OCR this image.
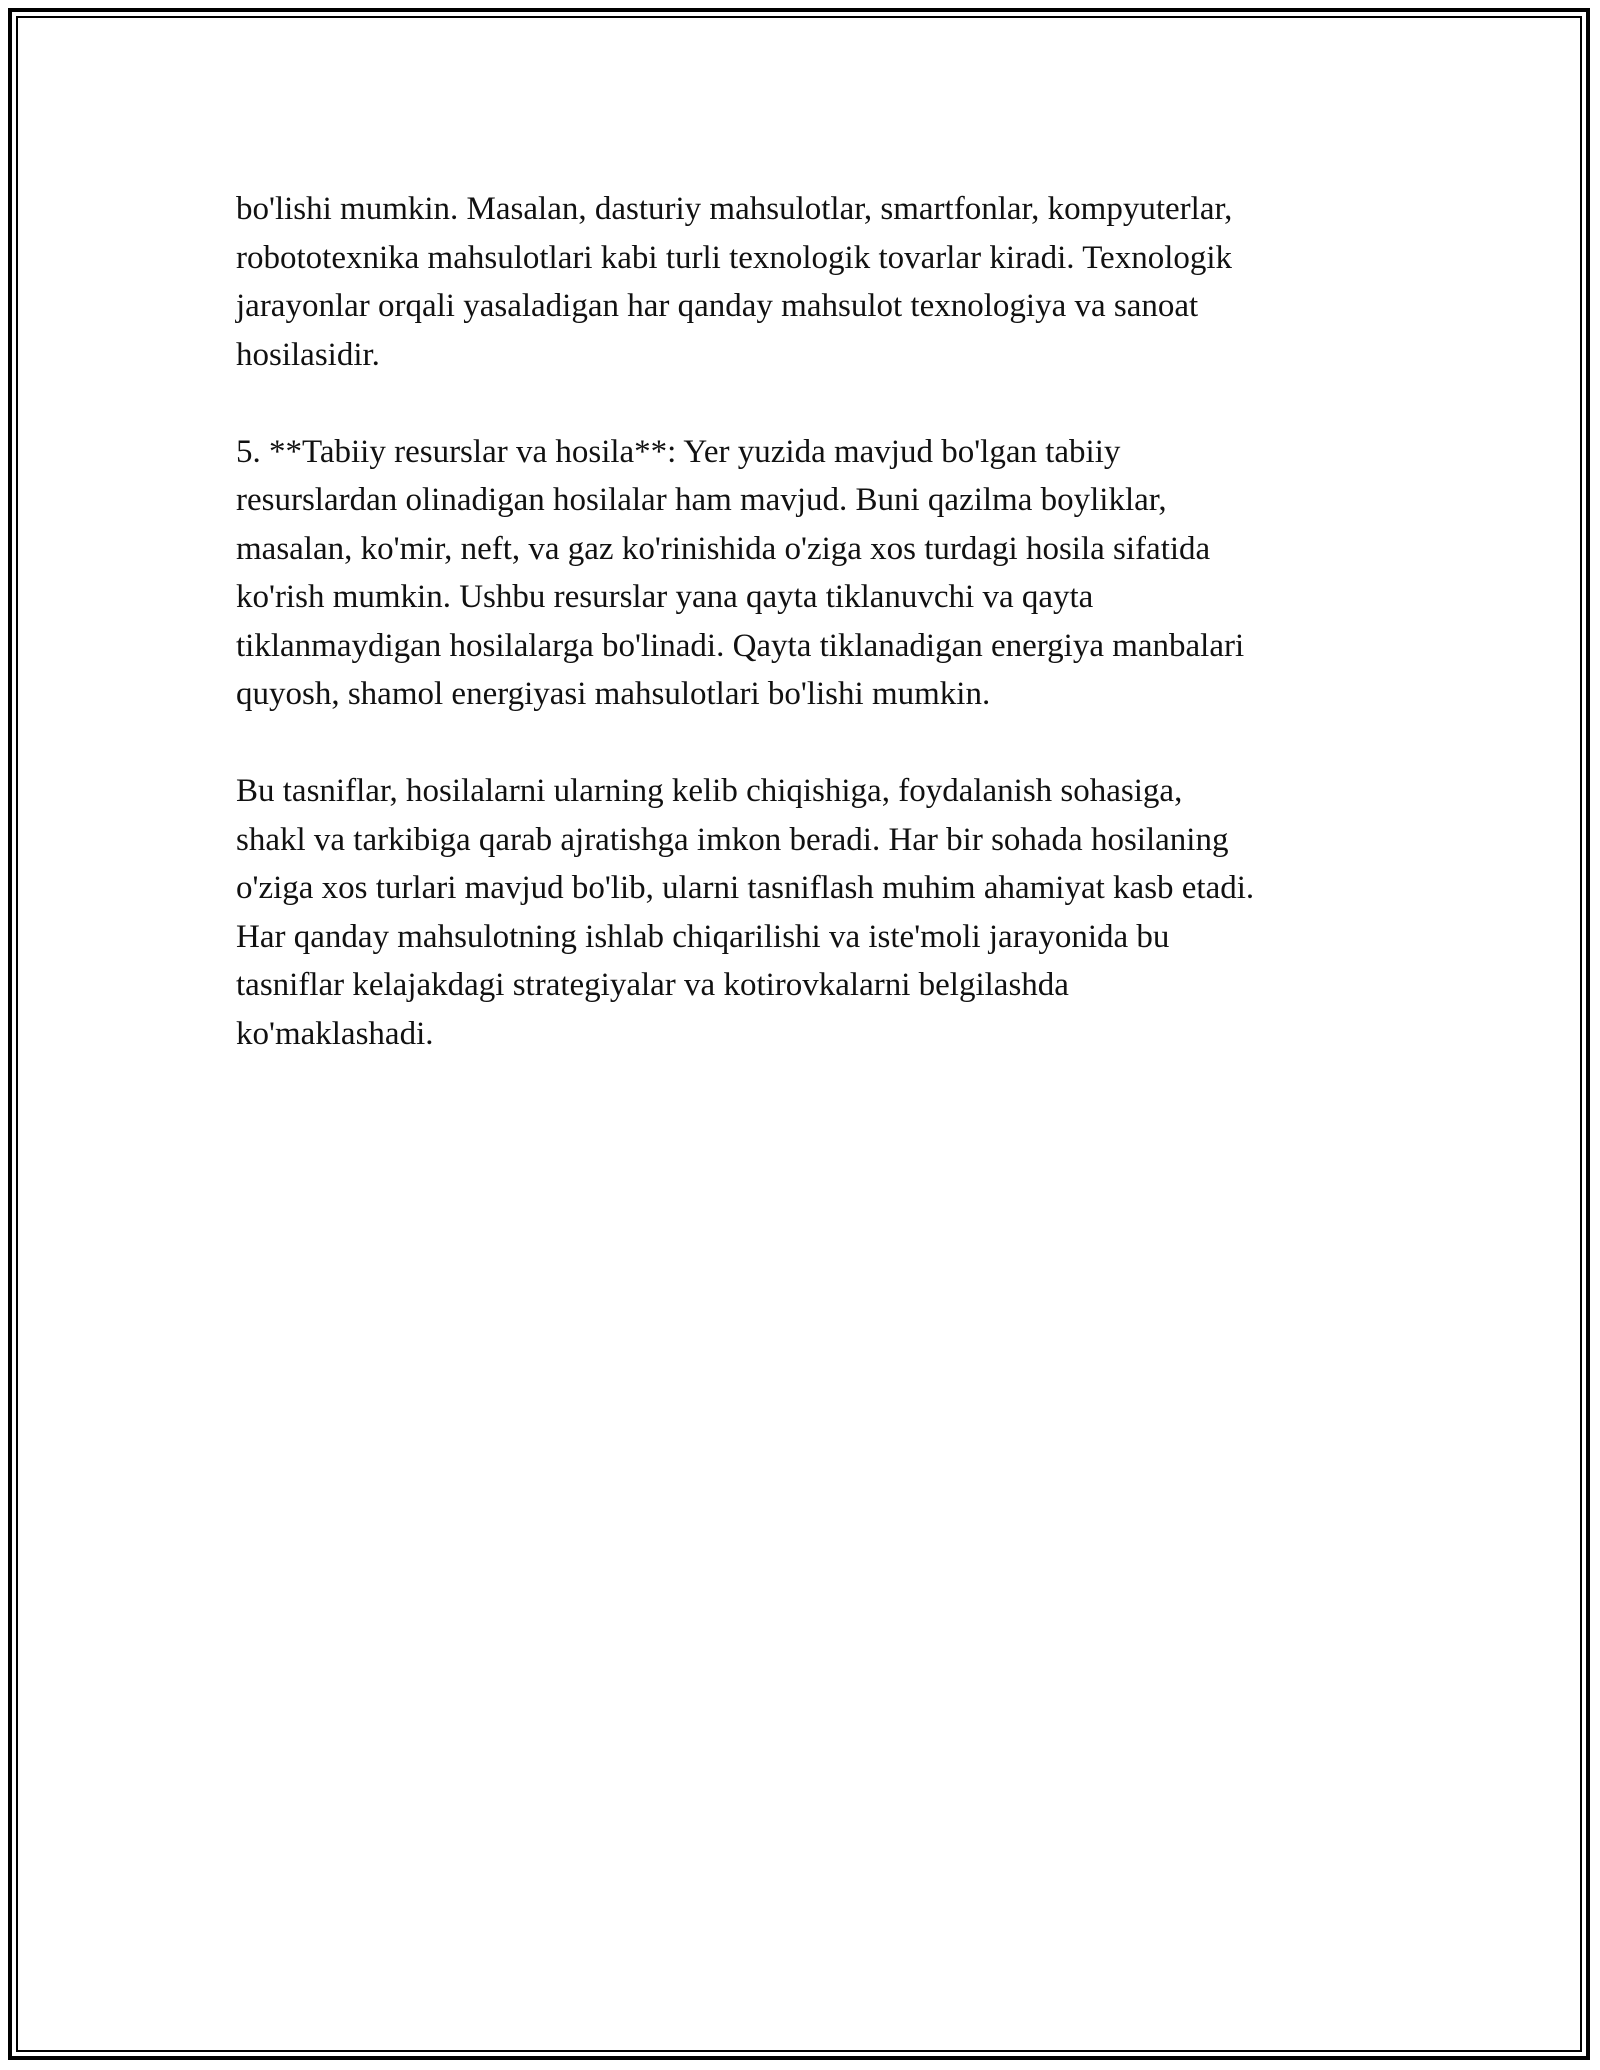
bo'lishi mumkin. Masalan, dasturiy mahsulotlar, smartfonlar, kompyuterlar,
robototexnika mahsulotlari kabi turli texnologik tovarlar kiradi. Texnologik
jarayonlar orqali yasaladigan har qanday mahsulot texnologiya va sanoat
hosilasidir.

5. **Tabiiy resurslar va hosila**: Yer yuzida mavjud bo'lgan tabiiy
resurslardan olinadigan hosilalar ham mavjud. Buni qazilma boyliklar,
masalan, ko'mir, neft, va gaz ko'rinishida o'ziga xos turdagi hosila sifatida
ko'rish mumkin. Ushbu resurslar yana qayta tiklanuvchi va qayta
tiklanmaydigan hosilalarga bo'linadi. Qayta tiklanadigan energiya manbalari
quyosh, shamol energiyasi mahsulotlari bo'lishi mumkin.

Bu tasniflar, hosilalarni ularning kelib chiqishiga, foydalanish sohasiga,
shakl va tarkibiga qarab ajratishga imkon beradi. Har bir sohada hosilaning
o'ziga xos turlari mavjud bo'lib, ularni tasniflash muhim ahamiyat kasb etadi.
Har qanday mahsulotning ishlab chiqarilishi va iste'moli jarayonida bu
tasniflar kelajakdagi strategiyalar va kotirovkalarni belgilashda
ko'maklashadi.
